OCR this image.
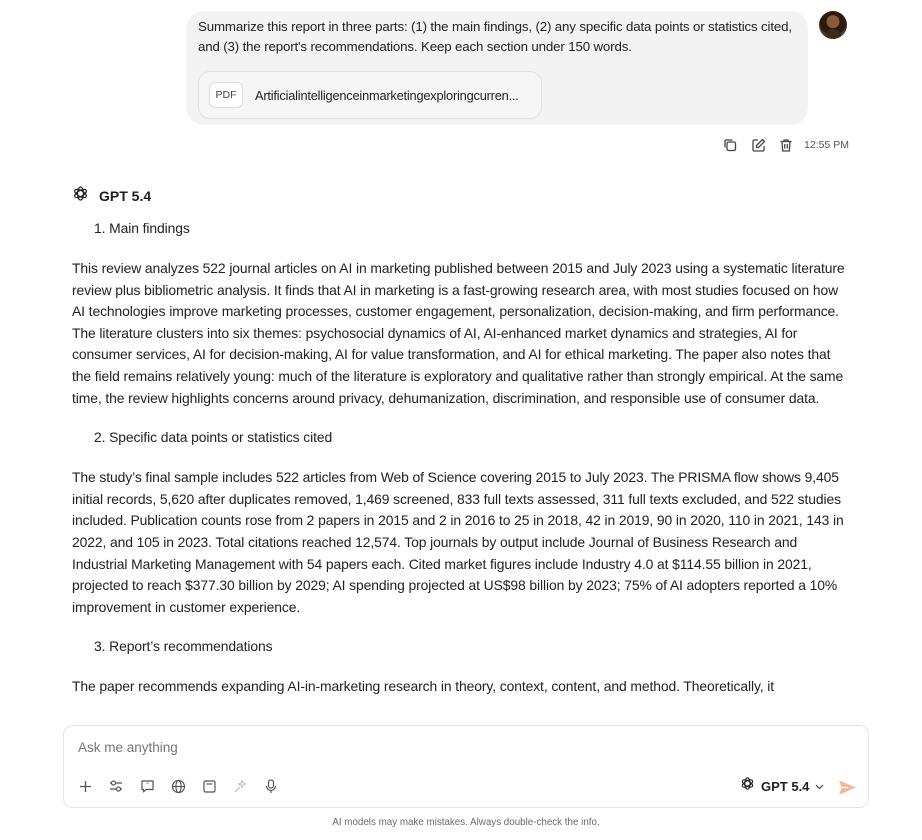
Summarize this report in three parts: (1) the main findings, (2) any specific data points or statistics cited, and (3) the report's recommendations. Keep each section under 150 words.
PDF	Artificialintelligenceinmarketingexploringcurren...
12:55 PM
GPT 5.4
1. Main findings
This review analyzes 522 journal articles on AI in marketing published between 2015 and July 2023 using a systematic literature review plus bibliometric analysis. It finds that AI in marketing is a fast-growing research area, with most studies focused on how AI technologies improve marketing processes, customer engagement, personalization, decision-making, and firm performance. The literature clusters into six themes: psychosocial dynamics of AI, AI-enhanced market dynamics and strategies, AI for consumer services, AI for decision-making, AI for value transformation, and AI for ethical marketing. The paper also notes that the field remains relatively young: much of the literature is exploratory and qualitative rather than strongly empirical. At the same time, the review highlights concerns around privacy, dehumanization, discrimination, and responsible use of consumer data.
2. Specific data points or statistics cited
The study’s final sample includes 522 articles from Web of Science covering 2015 to July 2023. The PRISMA flow shows 9,405 initial records, 5,620 after duplicates removed, 1,469 screened, 833 full texts assessed, 311 full texts excluded, and 522 studies included. Publication counts rose from 2 papers in 2015 and 2 in 2016 to 25 in 2018, 42 in 2019, 90 in 2020, 110 in 2021, 143 in 2022, and 105 in 2023. Total citations reached 12,574. Top journals by output include Journal of Business Research and Industrial Marketing Management with 54 papers each. Cited market figures include Industry 4.0 at $114.55 billion in 2021, projected to reach $377.30 billion by 2029; AI spending projected at US$98 billion by 2023; 75% of AI adopters reported a 10% improvement in customer experience.
3. Report’s recommendations
The paper recommends expanding AI-in-marketing research in theory, context, content, and method. Theoretically, it
Ask me anything
”	GPT 5.4
AI models may make mistakes. Always double-check the info.
